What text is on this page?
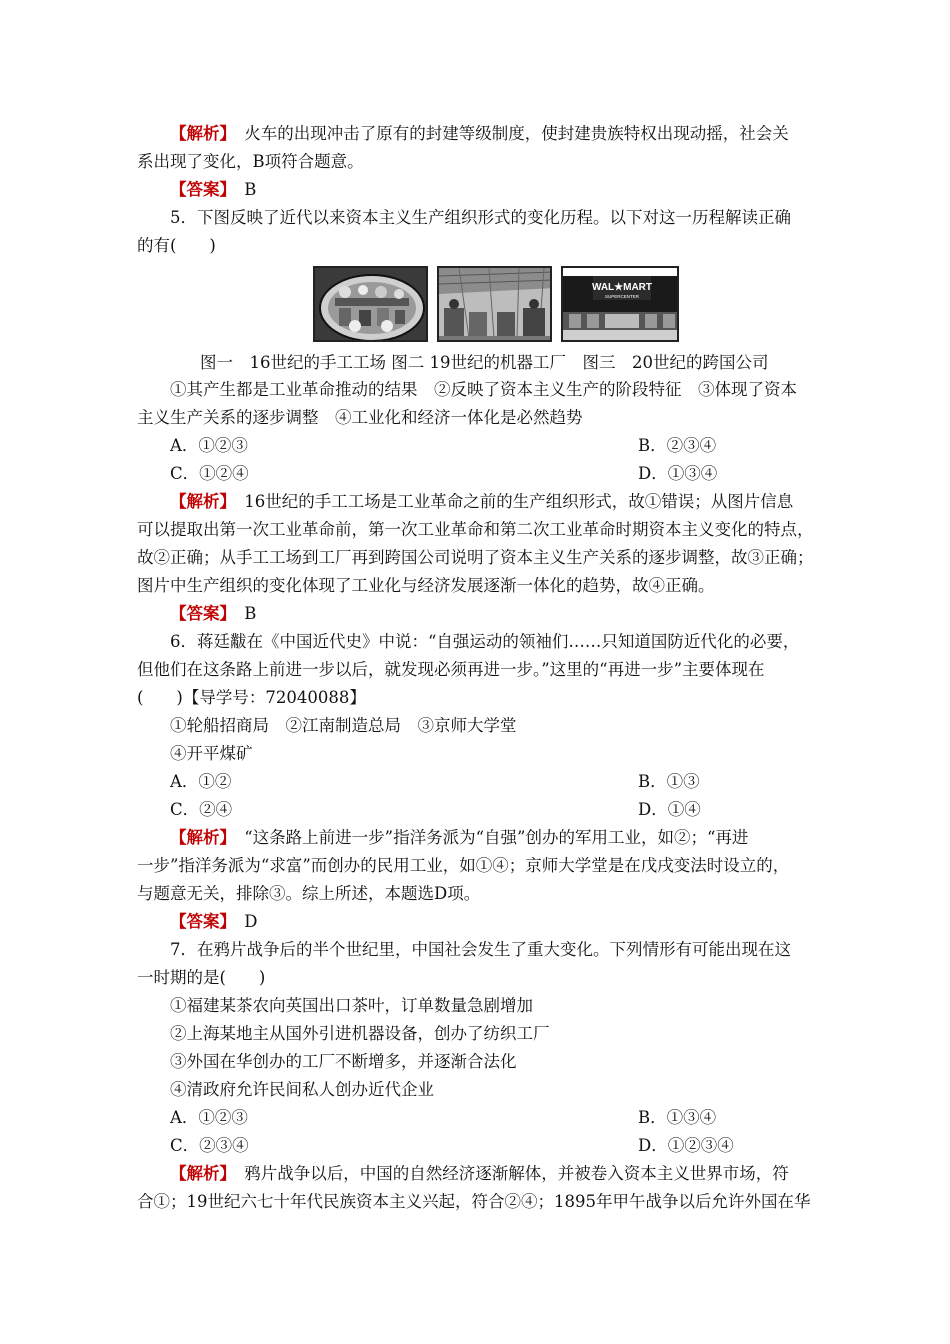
【解析】　火车的出现冲击了原有的封建等级制度，使封建贵族特权出现动摇，社会关
系出现了变化，B项符合题意。
【答案】　B
5．下图反映了近代以来资本主义生产组织形式的变化历程。以下对这一历程解读正确
的有(　　)
WAL★MART
SUPERCENTER
图一　16世纪的手工工场 图二 19世纪的机器工厂　图三　20世纪的跨国公司
①其产生都是工业革命推动的结果　②反映了资本主义生产的阶段特征　③体现了资本
主义生产关系的逐步调整　④工业化和经济一体化是必然趋势
A．①②③	B．②③④
C．①②④	D．①③④
【解析】　16世纪的手工工场是工业革命之前的生产组织形式，故①错误；从图片信息
可以提取出第一次工业革命前，第一次工业革命和第二次工业革命时期资本主义变化的特点，
故②正确；从手工工场到工厂再到跨国公司说明了资本主义生产关系的逐步调整，故③正确；
图片中生产组织的变化体现了工业化与经济发展逐渐一体化的趋势，故④正确。
【答案】　B
6．蒋廷黻在《中国近代史》中说：“自强运动的领袖们……只知道国防近代化的必要，
但他们在这条路上前进一步以后，就发现必须再进一步。”这里的“再进一步”主要体现在
(　　)【导学号：72040088】
①轮船招商局　②江南制造总局　③京师大学堂
④开平煤矿
A．①②	B．①③
C．②④	D．①④
【解析】　“这条路上前进一步”指洋务派为“自强”创办的军用工业，如②；“再进
一步”指洋务派为“求富”而创办的民用工业，如①④；京师大学堂是在戊戌变法时设立的，
与题意无关，排除③。综上所述，本题选D项。
【答案】　D
7．在鸦片战争后的半个世纪里，中国社会发生了重大变化。下列情形有可能出现在这
一时期的是(　　)
①福建某茶农向英国出口茶叶，订单数量急剧增加
②上海某地主从国外引进机器设备，创办了纺织工厂
③外国在华创办的工厂不断增多，并逐渐合法化
④清政府允许民间私人创办近代企业
A．①②③	B．①③④
C．②③④	D．①②③④
【解析】　鸦片战争以后，中国的自然经济逐渐解体，并被卷入资本主义世界市场，符
合①；19世纪六七十年代民族资本主义兴起，符合②④；1895年甲午战争以后允许外国在华
